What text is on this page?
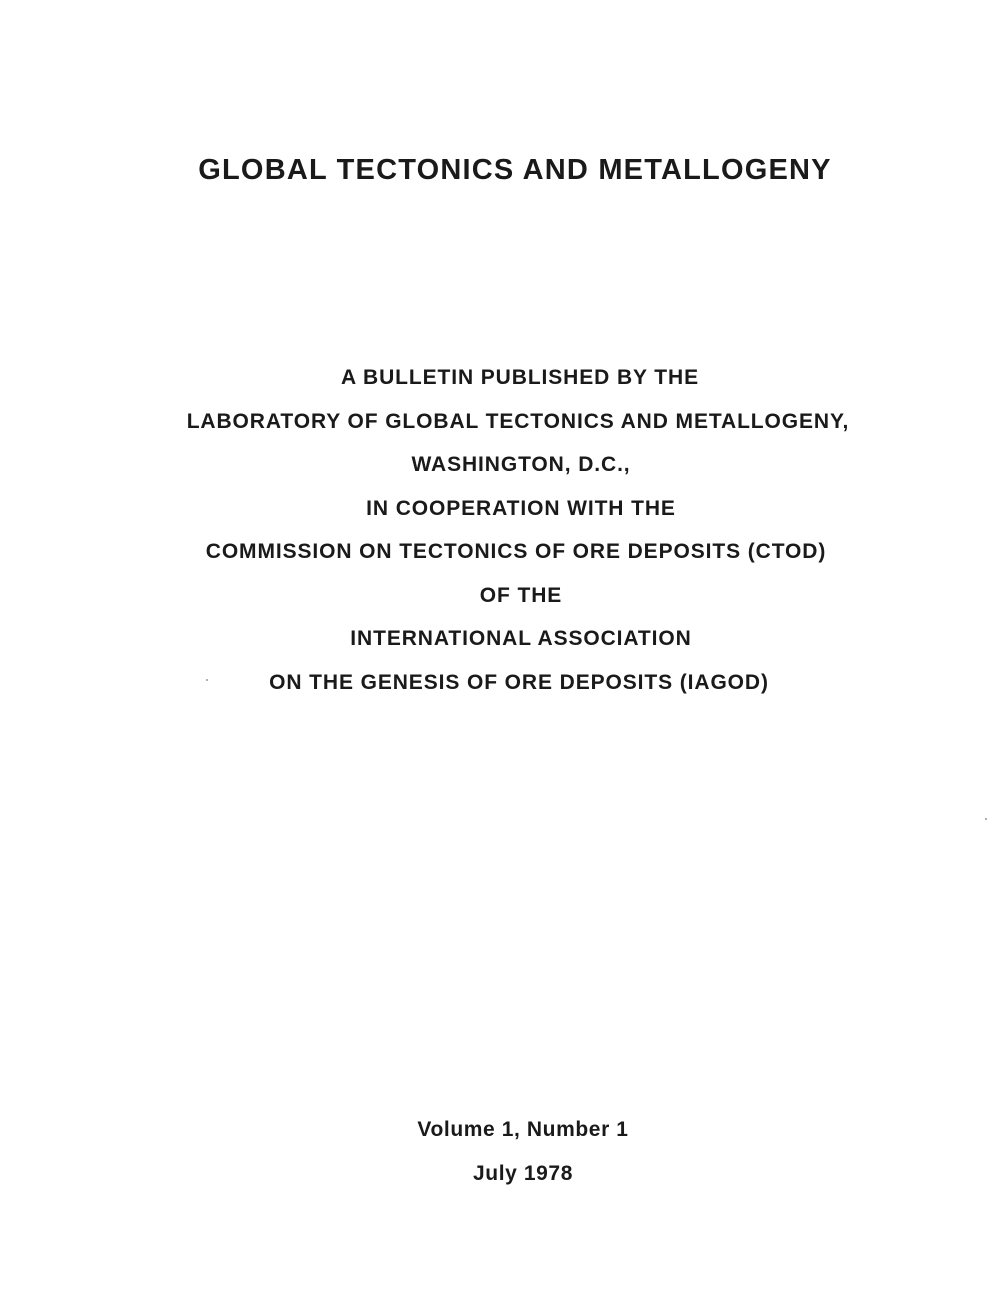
GLOBAL TECTONICS AND METALLOGENY
A BULLETIN PUBLISHED BY THE
LABORATORY OF GLOBAL TECTONICS AND METALLOGENY,
WASHINGTON, D.C.,
IN COOPERATION WITH THE
COMMISSION ON TECTONICS OF ORE DEPOSITS (CTOD)
OF THE
INTERNATIONAL ASSOCIATION
ON THE GENESIS OF ORE DEPOSITS (IAGOD)
Volume 1, Number 1
July 1978
